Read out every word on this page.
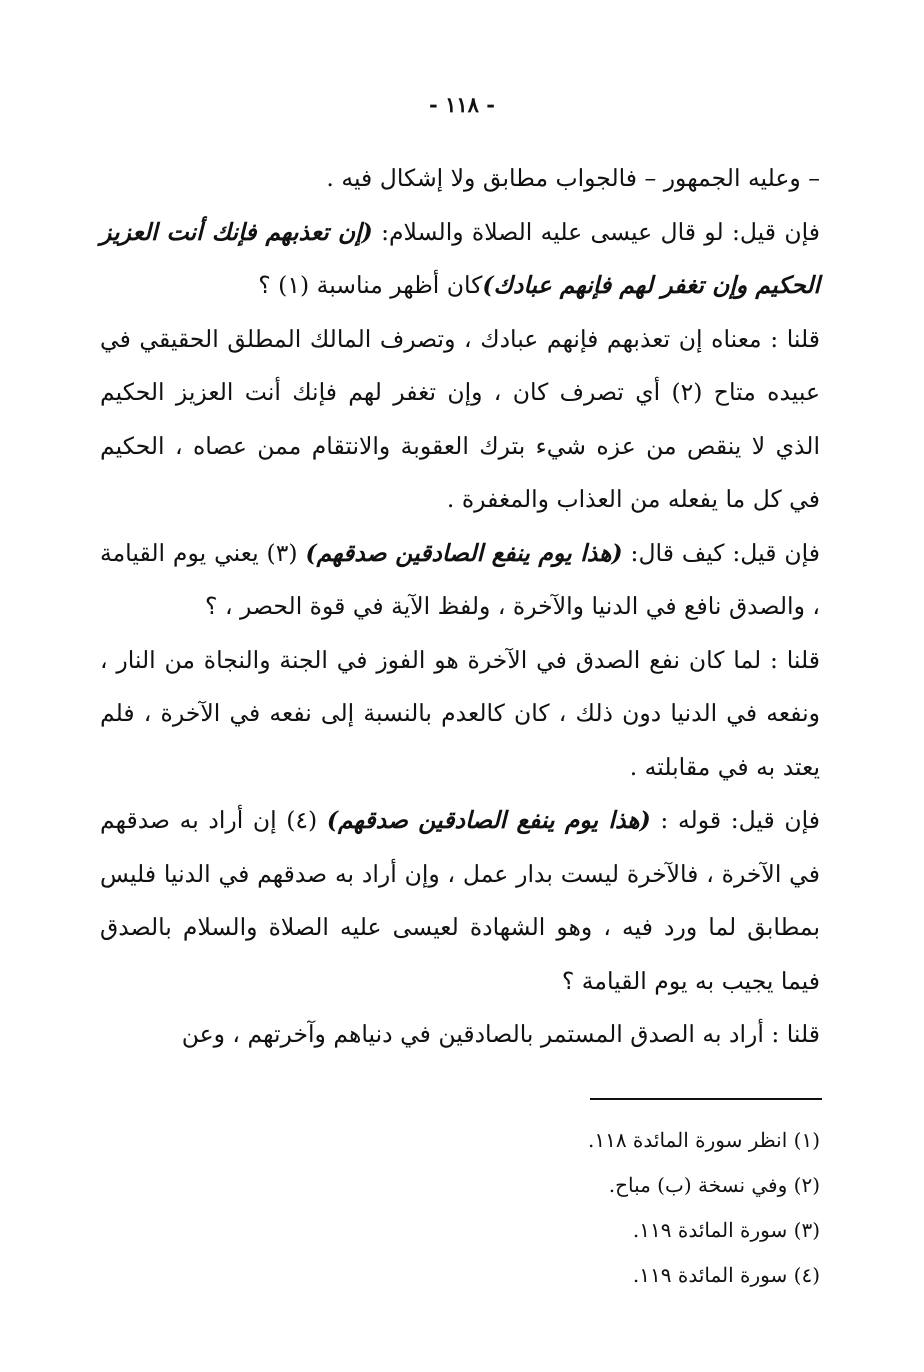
- ١١٨ -

– وعليه الجمهور – فالجواب مطابق ولا إشكال فيه .

فإن قيل: لو قال عيسى عليه الصلاة والسلام: (إن تعذبهم فإنك أنت العزيز الحكيم وإن تغفر لهم فإنهم عبادك)كان أظهر مناسبة (١) ؟

قلنا : معناه إن تعذبهم فإنهم عبادك ، وتصرف المالك المطلق الحقيقي في عبيده متاح (٢) أي تصرف كان ، وإن تغفر لهم فإنك أنت العزيز الحكيم الذي لا ينقص من عزه شيء بترك العقوبة والانتقام ممن عصاه ، الحكيم في كل ما يفعله من العذاب والمغفرة .

فإن قيل: كيف قال: (هذا يوم ينفع الصادقين صدقهم) (٣) يعني يوم القيامة ، والصدق نافع في الدنيا والآخرة ، ولفظ الآية في قوة الحصر ، ؟

قلنا : لما كان نفع الصدق في الآخرة هو الفوز في الجنة والنجاة من النار ، ونفعه في الدنيا دون ذلك ، كان كالعدم بالنسبة إلى نفعه في الآخرة ، فلم يعتد به في مقابلته .

فإن قيل: قوله : (هذا يوم ينفع الصادقين صدقهم) (٤) إن أراد به صدقهم في الآخرة ، فالآخرة ليست بدار عمل ، وإن أراد به صدقهم في الدنيا فليس بمطابق لما ورد فيه ، وهو الشهادة لعيسى عليه الصلاة والسلام بالصدق فيما يجيب به يوم القيامة ؟

قلنا : أراد به الصدق المستمر بالصادقين في دنياهم وآخرتهم ، وعن

(١) انظر سورة المائدة ١١٨.

(٢) وفي نسخة (ب) مباح.

(٣) سورة المائدة ١١٩.

(٤) سورة المائدة ١١٩.
